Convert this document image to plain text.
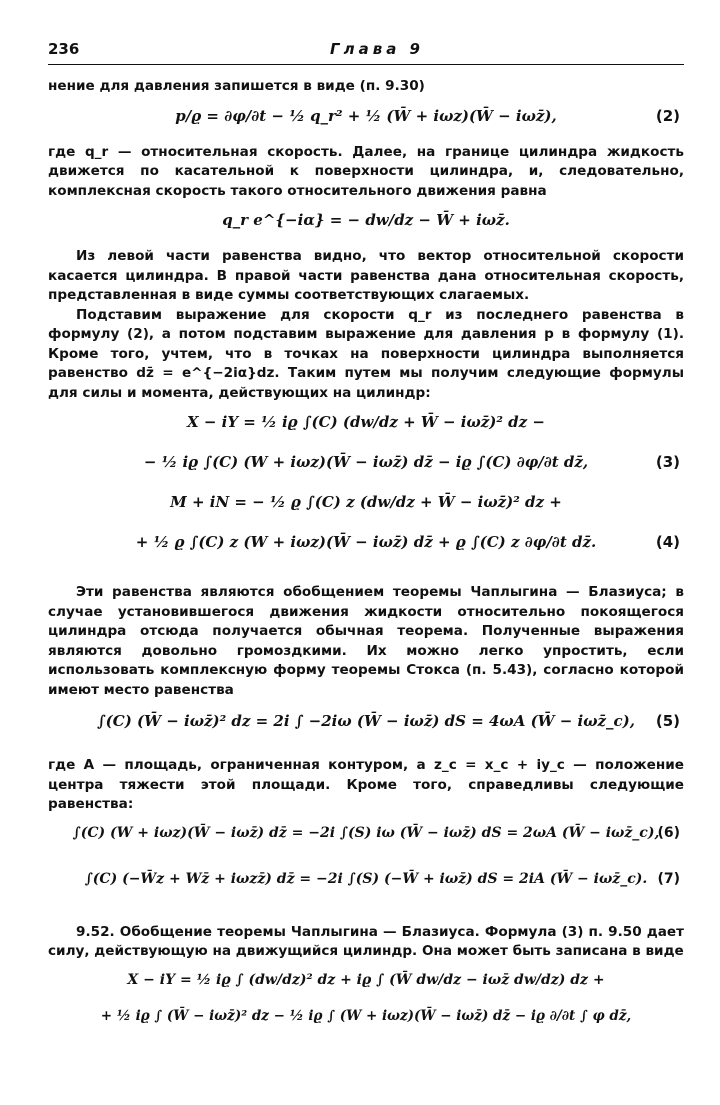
236	Глава 9

нение для давления запишется в виде (п. 9.30)

p/ϱ = ∂φ/∂t − ½ q_r² + ½ (W̄ + iωz)(W̄ − iωz̄),	(2)

где q_r — относительная скорость. Далее, на границе цилиндра жидкость движется по касательной к поверхности цилиндра, и, следовательно, комплексная скорость такого относительного движения равна

q_r e^{−iα} = − dw/dz − W̄ + iωz̄.

Из левой части равенства видно, что вектор относительной скорости касается цилиндра. В правой части равенства дана относительная скорость, представленная в виде суммы соответствующих слагаемых.

Подставим выражение для скорости q_r из последнего равенства в формулу (2), а потом подставим выражение для давления p в формулу (1). Кроме того, учтем, что в точках на поверхности цилиндра выполняется равенство dz̄ = e^{−2iα}dz. Таким путем мы получим следующие формулы для силы и момента, действующих на цилиндр:

X − iY = ½ iϱ ∫(C) (dw/dz + W̄ − iωz̄)² dz −
− ½ iϱ ∫(C) (W + iωz)(W̄ − iωz̄) dz̄ − iϱ ∫(C) ∂φ/∂t dz̄,	(3)
M + iN = − ½ ϱ ∫(C) z (dw/dz + W̄ − iωz̄)² dz +
+ ½ ϱ ∫(C) z (W + iωz)(W̄ − iωz̄) dz̄ + ϱ ∫(C) z ∂φ/∂t dz̄.	(4)

Эти равенства являются обобщением теоремы Чаплыгина — Блазиуса; в случае установившегося движения жидкости относительно покоящегося цилиндра отсюда получается обычная теорема. Полученные выражения являются довольно громоздкими. Их можно легко упростить, если использовать комплексную форму теоремы Стокса (п. 5.43), согласно которой имеют место равенства

∫(C) (W̄ − iωz̄)² dz = 2i ∫ −2iω (W̄ − iωz̄) dS = 4ωA (W̄ − iωz̄_c), (5)

где A — площадь, ограниченная контуром, а z_c = x_c + iy_c — положение центра тяжести этой площади. Кроме того, справедливы следующие равенства:

∫(C) (W + iωz)(W̄ − iωz̄) dz̄ = −2i ∫(S) iω (W̄ − iωz̄) dS = 2ωA (W̄ − iωz̄_c),
(6)
∫(C) (−W̄z + Wz̄ + iωzz̄) dz̄ = −2i ∫(S) (−W̄ + iωz̄) dS = 2iA (W̄ − iωz̄_c). (7)

9.52. Обобщение теоремы Чаплыгина — Блазиуса. Формула (3) п. 9.50 дает силу, действующую на движущийся цилиндр. Она может быть записана в виде

X − iY = ½ iϱ ∫ (dw/dz)² dz + iϱ ∫ (W̄ dw/dz − iωz̄ dw/dz) dz +
+ ½ iϱ ∫ (W̄ − iωz̄)² dz − ½ iϱ ∫ (W + iωz)(W̄ − iωz̄) dz̄ − iϱ ∂/∂t ∫ φ dz̄,
